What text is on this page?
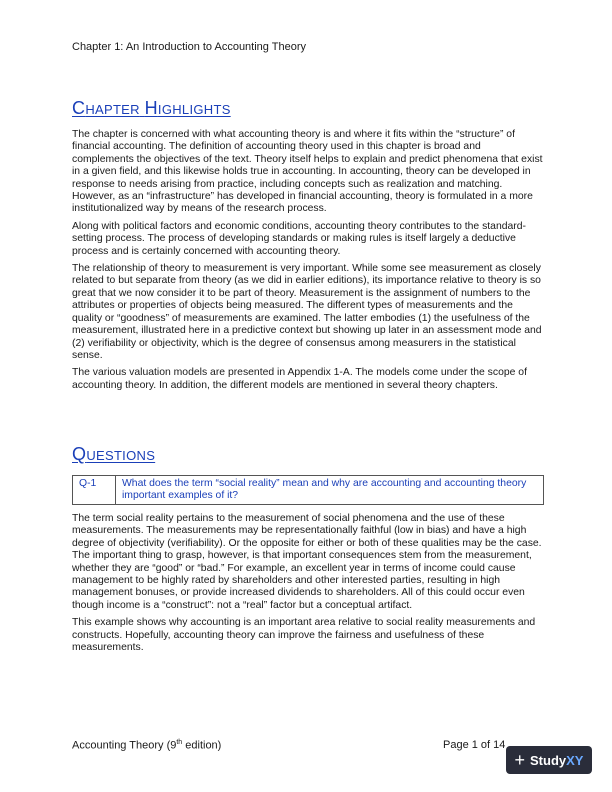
Chapter 1: An Introduction to Accounting Theory
CHAPTER HIGHLIGHTS

The chapter is concerned with what accounting theory is and where it fits within the “structure” of financial accounting. The definition of accounting theory used in this chapter is broad and complements the objectives of the text. Theory itself helps to explain and predict phenomena that exist in a given field, and this likewise holds true in accounting. In accounting, theory can be developed in response to needs arising from practice, including concepts such as realization and matching. However, as an “infrastructure” has developed in financial accounting, theory is formulated in a more institutionalized way by means of the research process.

Along with political factors and economic conditions, accounting theory contributes to the standard-setting process. The process of developing standards or making rules is itself largely a deductive process and is certainly concerned with accounting theory.

The relationship of theory to measurement is very important. While some see measurement as closely related to but separate from theory (as we did in earlier editions), its importance relative to theory is so great that we now consider it to be part of theory. Measurement is the assignment of numbers to the attributes or properties of objects being measured. The different types of measurements and the quality or “goodness” of measurements are examined. The latter embodies (1) the usefulness of the measurement, illustrated here in a predictive context but showing up later in an assessment mode and (2) verifiability or objectivity, which is the degree of consensus among measurers in the statistical sense.

The various valuation models are presented in Appendix 1-A. The models come under the scope of accounting theory. In addition, the different models are mentioned in several theory chapters.

QUESTIONS
Q-1	What does the term “social reality” mean and why are accounting and accounting theory important examples of it?

The term social reality pertains to the measurement of social phenomena and the use of these measurements. The measurements may be representationally faithful (low in bias) and have a high degree of objectivity (verifiability). Or the opposite for either or both of these qualities may be the case. The important thing to grasp, however, is that important consequences stem from the measurement, whether they are “good” or “bad.” For example, an excellent year in terms of income could cause management to be highly rated by shareholders and other interested parties, resulting in high management bonuses, or provide increased dividends to shareholders. All of this could occur even though income is a “construct”: not a “real” factor but a conceptual artifact.

This example shows why accounting is an important area relative to social reality measurements and constructs. Hopefully, accounting theory can improve the fairness and usefulness of these measurements.

Accounting Theory (9th edition)	Page 1 of 14
+ Study XY
